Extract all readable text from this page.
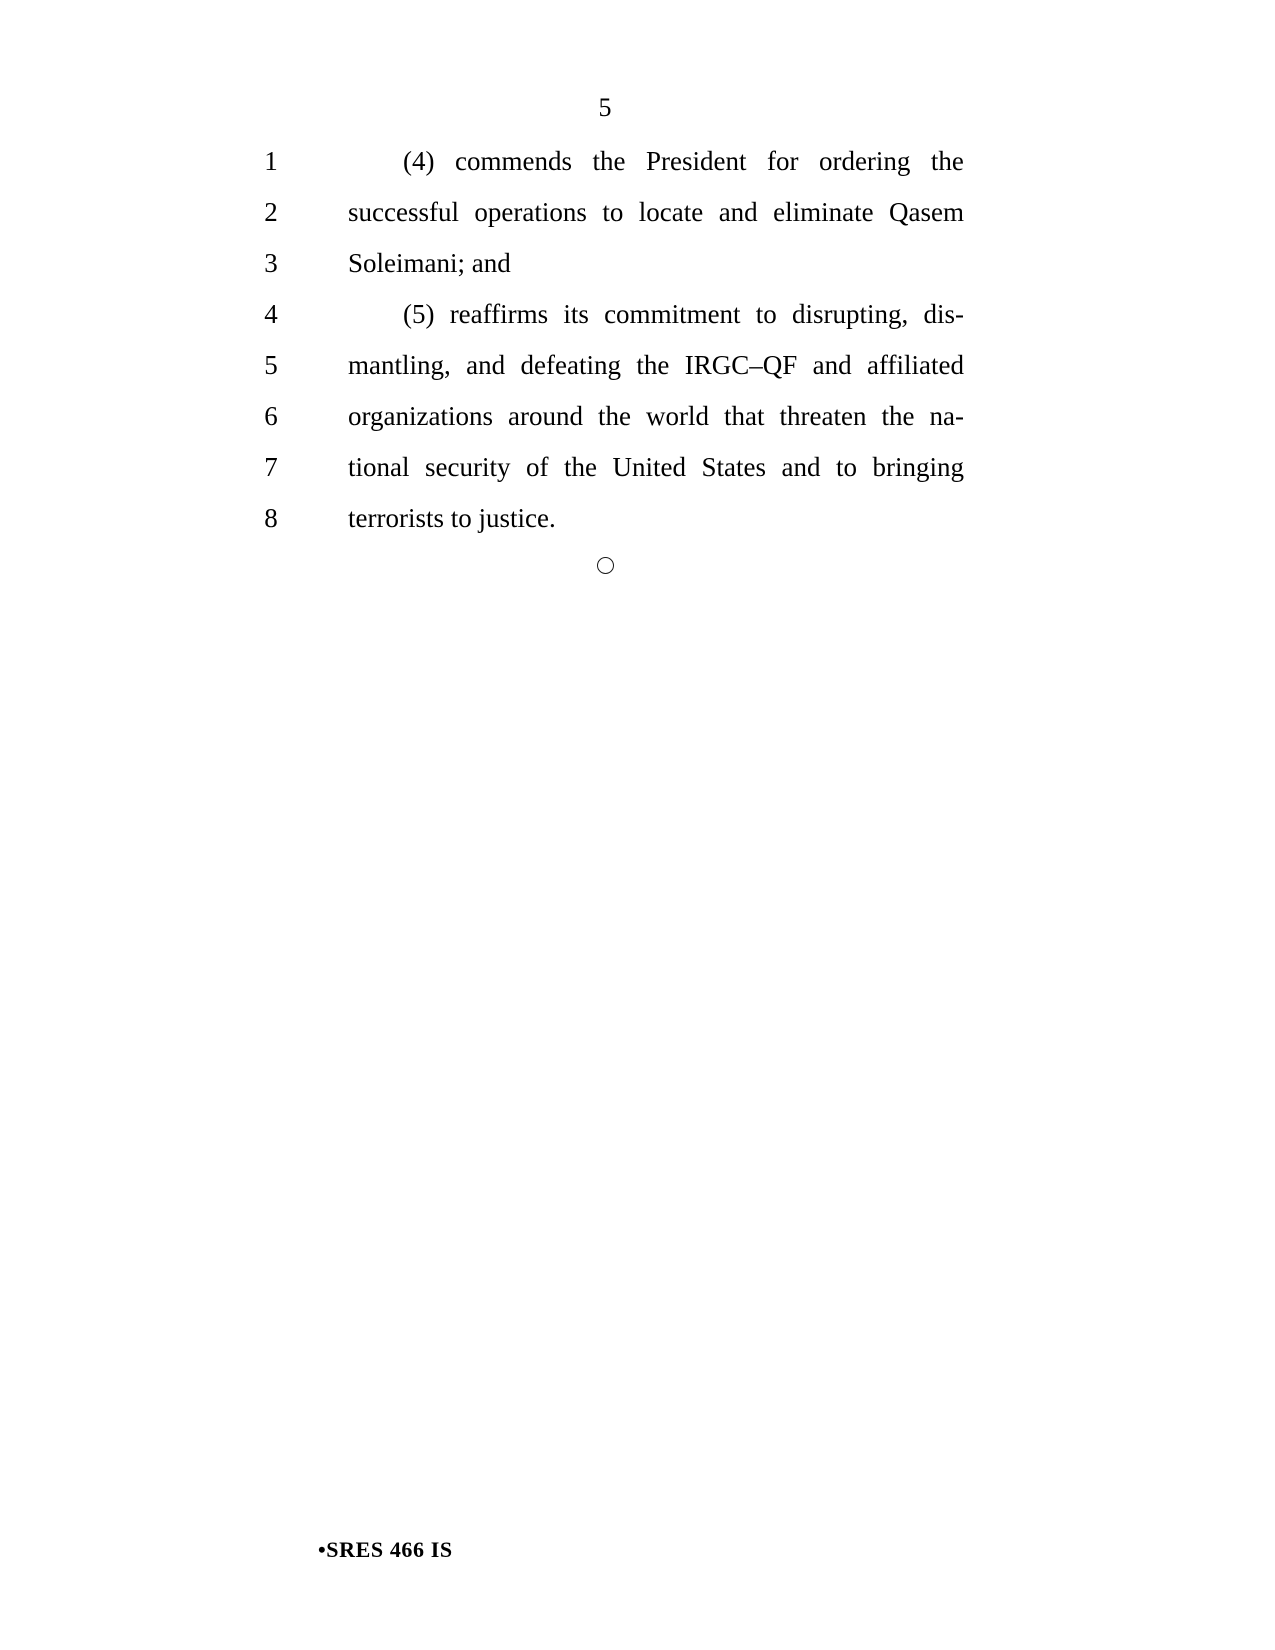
5
1	(4) commends the President for ordering the
2	successful operations to locate and eliminate Qasem
3	Soleimani; and
4	(5) reaffirms its commitment to disrupting, dis-
5	mantling, and defeating the IRGC–QF and affiliated
6	organizations around the world that threaten the na-
7	tional security of the United States and to bringing
8	terrorists to justice.
•SRES 466 IS
